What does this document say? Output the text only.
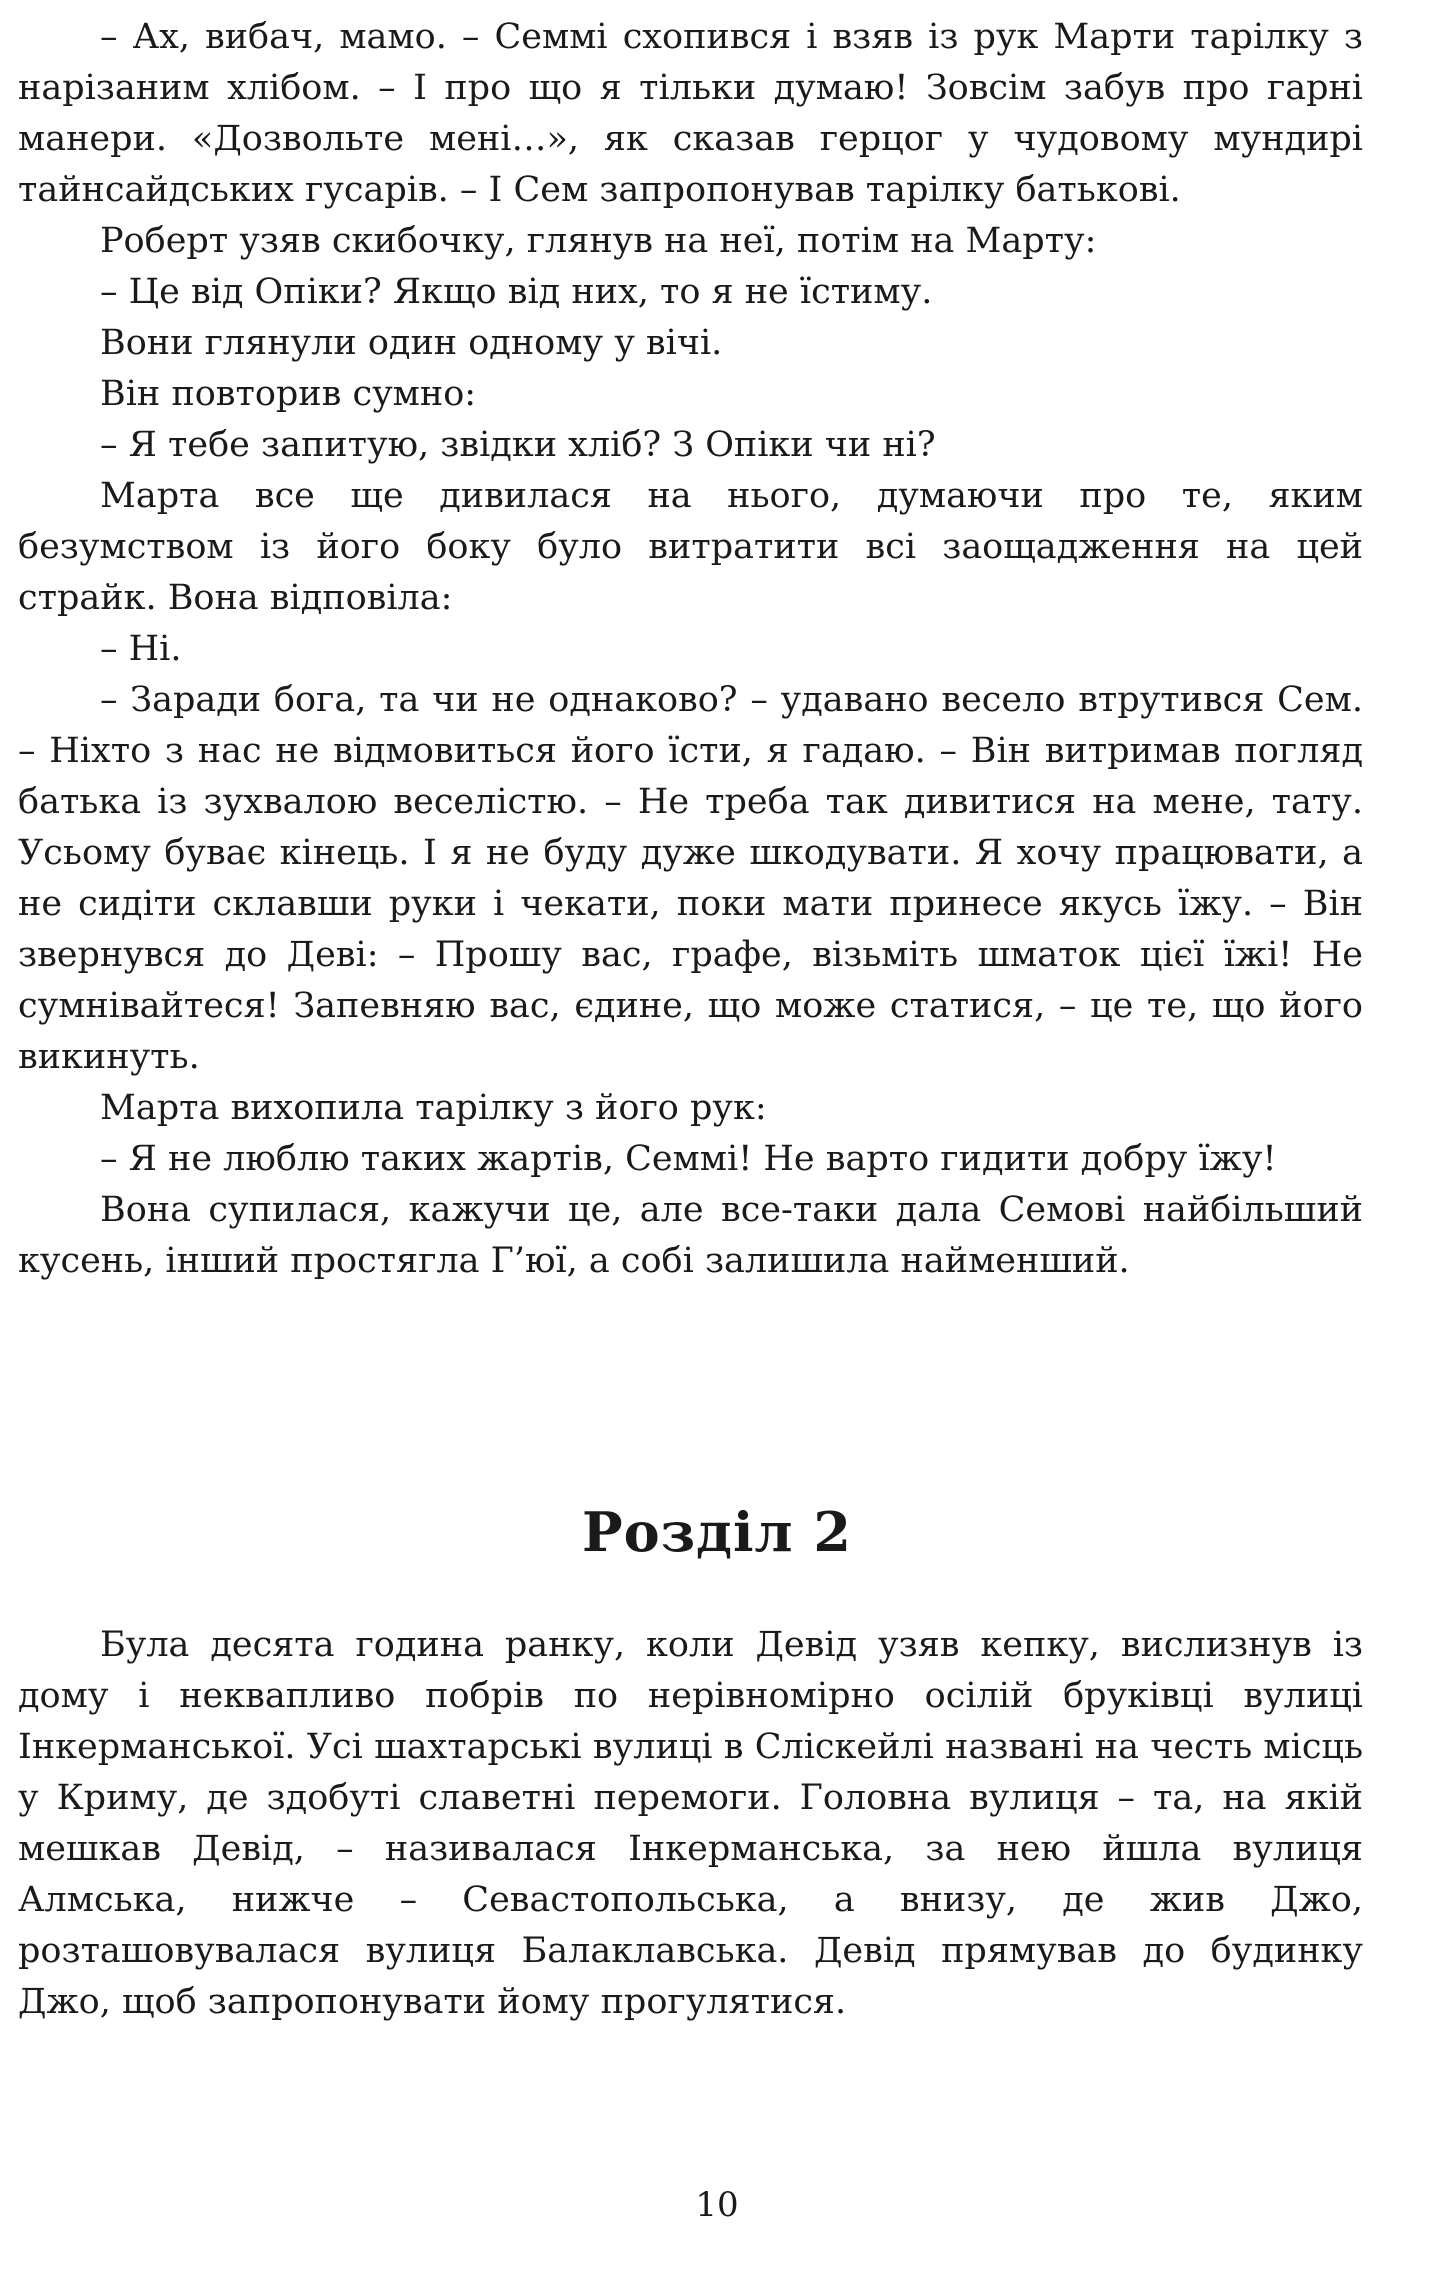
– Ах, вибач, мамо. – Семмі схопився і взяв із рук Марти тарілку з нарізаним хлібом. – І про що я тільки думаю! Зовсім забув про гарні манери. «Дозвольте мені…», як сказав герцог у чудовому мундирі тайнсайдських гусарів. – І Сем запропонував тарілку батькові.

Роберт узяв скибочку, глянув на неї, потім на Марту:

– Це від Опіки? Якщо від них, то я не їстиму.

Вони глянули один одному у вічі.

Він повторив сумно:

– Я тебе запитую, звідки хліб? З Опіки чи ні?

Марта все ще дивилася на нього, думаючи про те, яким безумством із його боку було витратити всі заощадження на цей страйк. Вона відповіла:

– Ні.

– Заради бога, та чи не однаково? – удавано весело втрутився Сем. – Ніхто з нас не відмовиться його їсти, я гадаю. – Він витримав погляд батька із зухвалою веселістю. – Не треба так дивитися на мене, тату. Усьому буває кінець. І я не буду дуже шкодувати. Я хочу працювати, а не сидіти склавши руки і чекати, поки мати принесе якусь їжу. – Він звернувся до Деві: – Прошу вас, графе, візьміть шматок цієї їжі! Не сумнівайтеся! Запевняю вас, єдине, що може статися, – це те, що його викинуть.

Марта вихопила тарілку з його рук:

– Я не люблю таких жартів, Семмі! Не варто гидити добру їжу!

Вона супилася, кажучи це, але все-таки дала Семові найбільший кусень, інший простягла Г’юї, а собі залишила найменший.

Розділ 2

Була десята година ранку, коли Девід узяв кепку, вислизнув із дому і неквапливо побрів по нерівномірно осілій бруківці вулиці Інкерманської. Усі шахтарські вулиці в Сліскейлі названі на честь місць у Криму, де здобуті славетні перемоги. Головна вулиця – та, на якій мешкав Девід, – називалася Інкерманська, за нею йшла вулиця Алмська, нижче – Севастопольська, а внизу, де жив Джо, розташовувалася вулиця Балаклавська. Девід прямував до будинку Джо, щоб запропонувати йому прогулятися.

10
